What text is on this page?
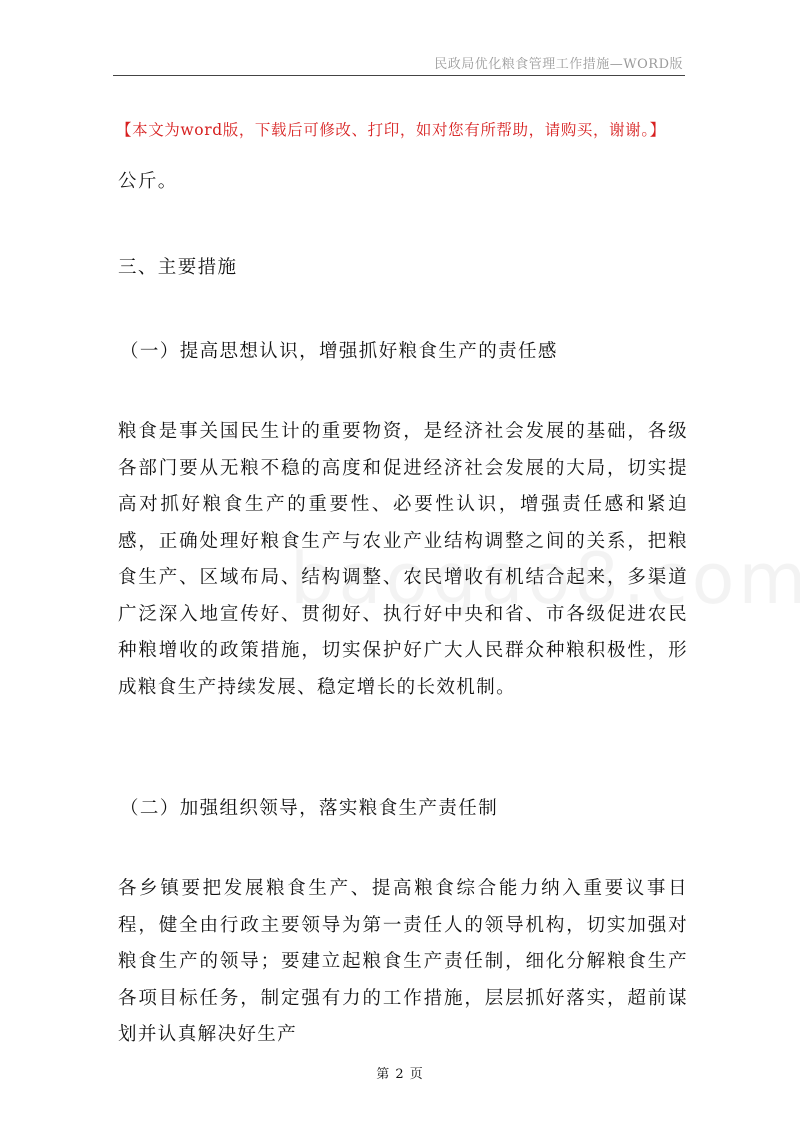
民政局优化粮食管理工作措施—WORD版
【本文为word版，下载后可修改、打印，如对您有所帮助，请购买，谢谢。】
公斤。
三、主要措施
（一）提高思想认识，增强抓好粮食生产的责任感
粮食是事关国民生计的重要物资，是经济社会发展的基础，各级各部门要从无粮不稳的高度和促进经济社会发展的大局，切实提高对抓好粮食生产的重要性、必要性认识，增强责任感和紧迫感，正确处理好粮食生产与农业产业结构调整之间的关系，把粮食生产、区域布局、结构调整、农民增收有机结合起来，多渠道广泛深入地宣传好、贯彻好、执行好中央和省、市各级促进农民种粮增收的政策措施，切实保护好广大人民群众种粮积极性，形成粮食生产持续发展、稳定增长的长效机制。
（二）加强组织领导，落实粮食生产责任制
各乡镇要把发展粮食生产、提高粮食综合能力纳入重要议事日程，健全由行政主要领导为第一责任人的领导机构，切实加强对粮食生产的领导；要建立起粮食生产责任制，细化分解粮食生产各项目标任务，制定强有力的工作措施，层层抓好落实，超前谋划并认真解决好生产
第 2 页
